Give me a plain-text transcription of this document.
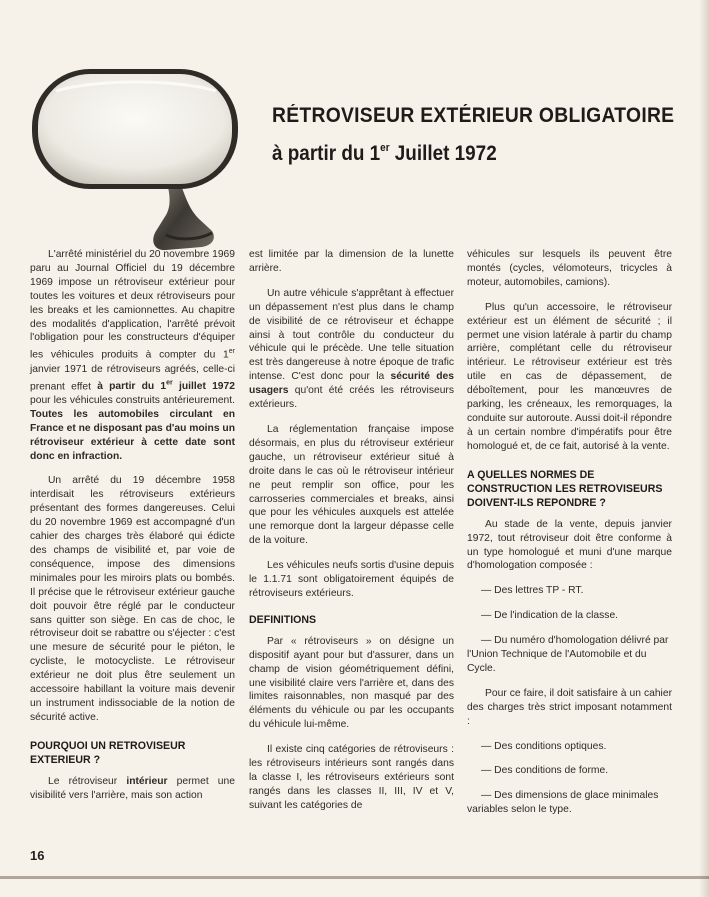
RÉTROVISEUR EXTÉRIEUR OBLIGATOIRE
à partir du 1er Juillet 1972

L'arrêté ministériel du 20 novembre 1969 paru au Journal Officiel du 19 décembre 1969 impose un rétroviseur extérieur pour toutes les voitures et deux rétroviseurs pour les breaks et les camionnettes. Au chapitre des modalités d'application, l'arrêté prévoit l'obligation pour les constructeurs d'équiper les véhicules produits à compter du 1er janvier 1971 de rétroviseurs agréés, celle-ci prenant effet à partir du 1er juillet 1972 pour les véhicules construits antérieurement. Toutes les automobiles circulant en France et ne disposant pas d'au moins un rétroviseur extérieur à cette date sont donc en infraction.

Un arrêté du 19 décembre 1958 interdisait les rétroviseurs extérieurs présentant des formes dangereuses. Celui du 20 novembre 1969 est accompagné d'un cahier des charges très élaboré qui édicte des champs de visibilité et, par voie de conséquence, impose des dimensions minimales pour les miroirs plats ou bombés. Il précise que le rétroviseur extérieur gauche doit pouvoir être réglé par le conducteur sans quitter son siège. En cas de choc, le rétroviseur doit se rabattre ou s'éjecter : c'est une mesure de sécurité pour le piéton, le cycliste, le motocycliste. Le rétroviseur extérieur ne doit plus être seulement un accessoire habillant la voiture mais devenir un instrument indissociable de la notion de sécurité active.

POURQUOI UN RETROVISEUR EXTERIEUR ?

Le rétroviseur intérieur permet une visibilité vers l'arrière, mais son action

est limitée par la dimension de la lunette arrière.

Un autre véhicule s'apprêtant à effectuer un dépassement n'est plus dans le champ de visibilité de ce rétroviseur et échappe ainsi à tout contrôle du conducteur du véhicule qui le précède. Une telle situation est très dangereuse à notre époque de trafic intense. C'est donc pour la sécurité des usagers qu'ont été créés les rétroviseurs extérieurs.

La réglementation française impose désormais, en plus du rétroviseur extérieur gauche, un rétroviseur extérieur situé à droite dans le cas où le rétroviseur intérieur ne peut remplir son office, pour les carrosseries commerciales et breaks, ainsi que pour les véhicules auxquels est attelée une remorque dont la largeur dépasse celle de la voiture.

Les véhicules neufs sortis d'usine depuis le 1.1.71 sont obligatoirement équipés de rétroviseurs extérieurs.

DEFINITIONS

Par « rétroviseurs » on désigne un dispositif ayant pour but d'assurer, dans un champ de vision géométriquement défini, une visibilité claire vers l'arrière et, dans des limites raisonnables, non masqué par des éléments du véhicule ou par les occupants du véhicule lui-même.

Il existe cinq catégories de rétroviseurs : les rétroviseurs intérieurs sont rangés dans la classe I, les rétroviseurs extérieurs sont rangés dans les classes II, III, IV et V, suivant les catégories de

véhicules sur lesquels ils peuvent être montés (cycles, vélomoteurs, tricycles à moteur, automobiles, camions).

Plus qu'un accessoire, le rétroviseur extérieur est un élément de sécurité ; il permet une vision latérale à partir du champ arrière, complétant celle du rétroviseur intérieur. Le rétroviseur extérieur est très utile en cas de dépassement, de déboîtement, pour les manœuvres de parking, les créneaux, les remorquages, la conduite sur autoroute. Aussi doit-il répondre à un certain nombre d'impératifs pour être homologué et, de ce fait, autorisé à la vente.

A QUELLES NORMES DE CONSTRUCTION LES RETROVISEURS DOIVENT-ILS REPONDRE ?

Au stade de la vente, depuis janvier 1972, tout rétroviseur doit être conforme à un type homologué et muni d'une marque d'homologation composée :

— Des lettres TP - RT.
— De l'indication de la classe.
— Du numéro d'homologation délivré par l'Union Technique de l'Automobile et du Cycle.

Pour ce faire, il doit satisfaire à un cahier des charges très strict imposant notamment :

— Des conditions optiques.
— Des conditions de forme.
— Des dimensions de glace minimales variables selon le type.
16
